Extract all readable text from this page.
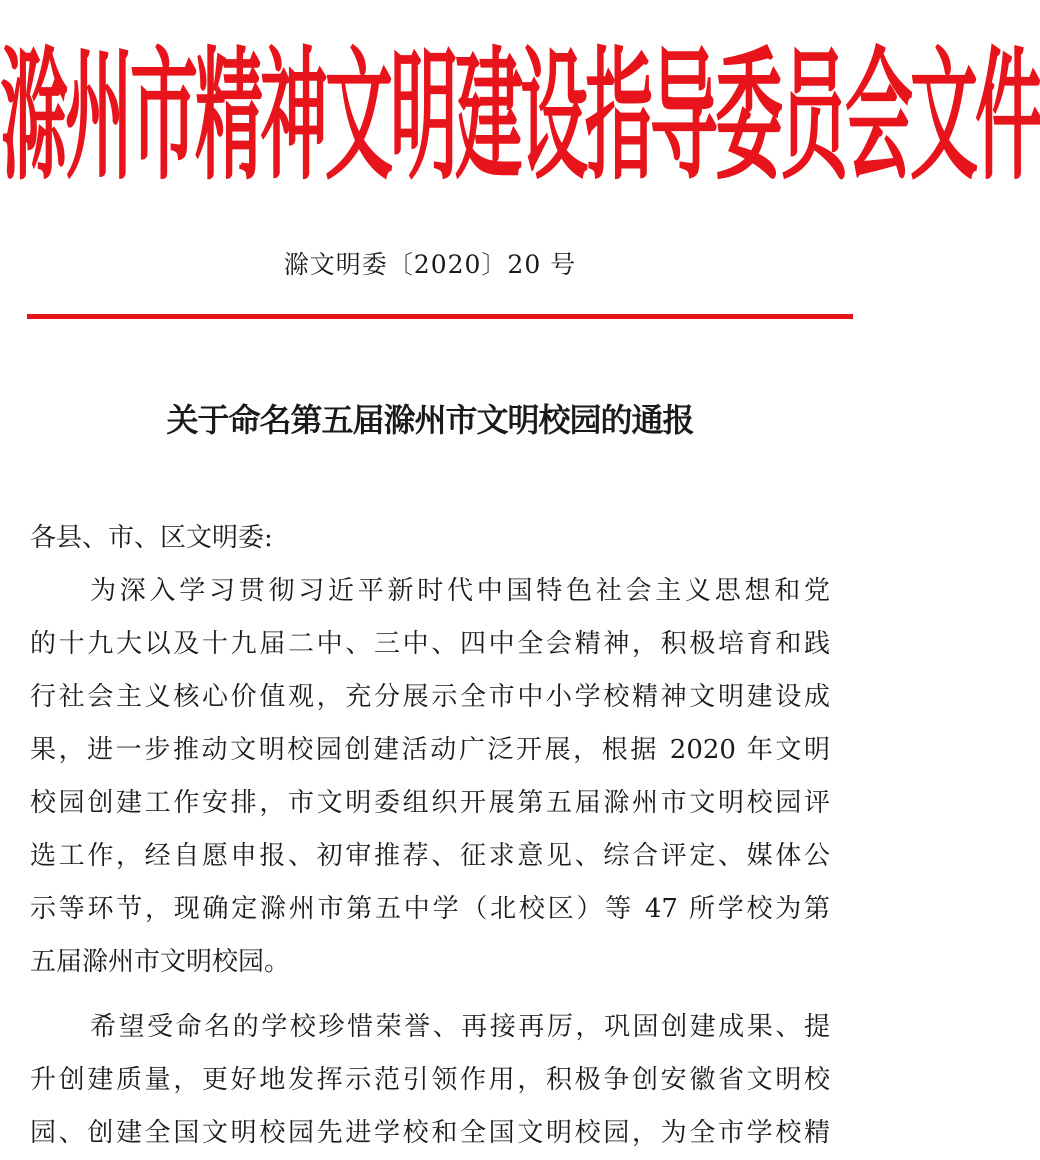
滁州市精神文明建设指导委员会文件
滁文明委〔2020〕20 号
关于命名第五届滁州市文明校园的通报
各县、市、区文明委:
为深入学习贯彻习近平新时代中国特色社会主义思想和党
的十九大以及十九届二中、三中、四中全会精神，积极培育和践
行社会主义核心价值观，充分展示全市中小学校精神文明建设成
果，进一步推动文明校园创建活动广泛开展，根据 2020 年文明
校园创建工作安排，市文明委组织开展第五届滁州市文明校园评
选工作，经自愿申报、初审推荐、征求意见、综合评定、媒体公
示等环节，现确定滁州市第五中学（北校区）等 47 所学校为第
五届滁州市文明校园。
希望受命名的学校珍惜荣誉、再接再厉，巩固创建成果、提
升创建质量，更好地发挥示范引领作用，积极争创安徽省文明校
园、创建全国文明校园先进学校和全国文明校园，为全市学校精
